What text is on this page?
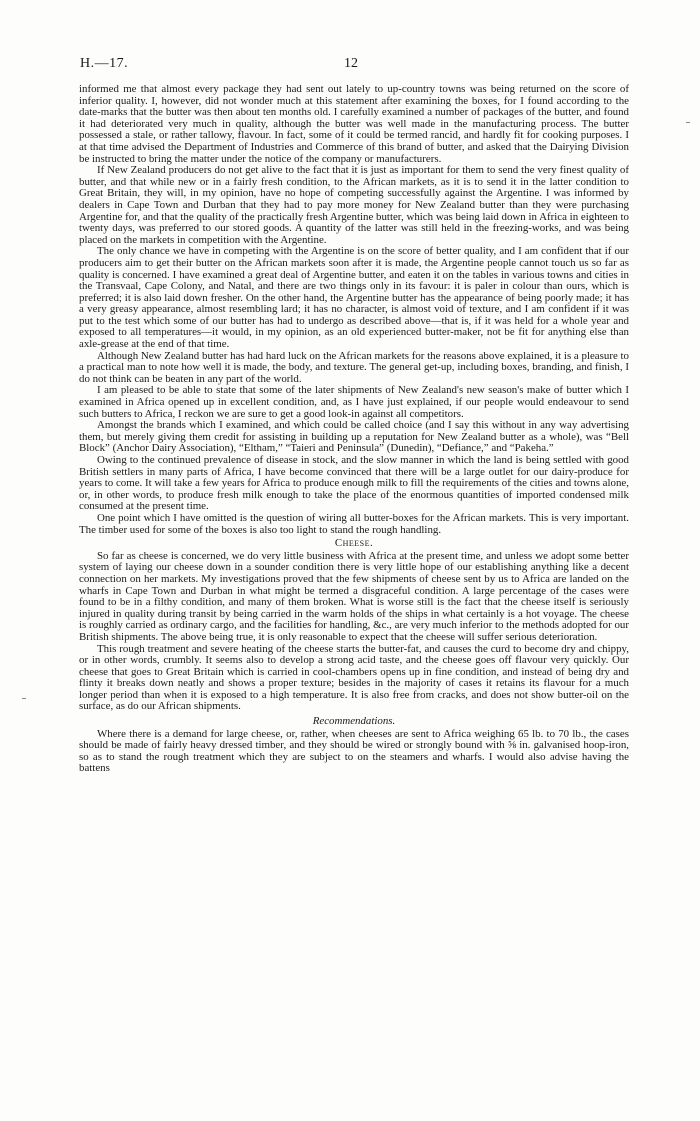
H.—17.	12

informed me that almost every package they had sent out lately to up-country towns was being returned on the score of inferior quality. I, however, did not wonder much at this statement after examining the boxes, for I found according to the date-marks that the butter was then about ten months old. I carefully examined a number of packages of the butter, and found it had deteriorated very much in quality, although the butter was well made in the manufacturing process. The butter possessed a stale, or rather tallowy, flavour. In fact, some of it could be termed rancid, and hardly fit for cooking purposes. I at that time advised the Department of Industries and Commerce of this brand of butter, and asked that the Dairying Division be instructed to bring the matter under the notice of the company or manufacturers.

If New Zealand producers do not get alive to the fact that it is just as important for them to send the very finest quality of butter, and that while new or in a fairly fresh condition, to the African markets, as it is to send it in the latter condition to Great Britain, they will, in my opinion, have no hope of competing successfully against the Argentine. I was informed by dealers in Cape Town and Durban that they had to pay more money for New Zealand butter than they were purchasing Argentine for, and that the quality of the practically fresh Argentine butter, which was being laid down in Africa in eighteen to twenty days, was preferred to our stored goods. A quantity of the latter was still held in the freezing-works, and was being placed on the markets in competition with the Argentine.

The only chance we have in competing with the Argentine is on the score of better quality, and I am confident that if our producers aim to get their butter on the African markets soon after it is made, the Argentine people cannot touch us so far as quality is concerned. I have examined a great deal of Argentine butter, and eaten it on the tables in various towns and cities in the Transvaal, Cape Colony, and Natal, and there are two things only in its favour: it is paler in colour than ours, which is preferred; it is also laid down fresher. On the other hand, the Argentine butter has the appearance of being poorly made; it has a very greasy appearance, almost resembling lard; it has no character, is almost void of texture, and I am confident if it was put to the test which some of our butter has had to undergo as described above—that is, if it was held for a whole year and exposed to all temperatures—it would, in my opinion, as an old experienced butter-maker, not be fit for anything else than axle-grease at the end of that time.

Although New Zealand butter has had hard luck on the African markets for the reasons above explained, it is a pleasure to a practical man to note how well it is made, the body, and texture. The general get-up, including boxes, branding, and finish, I do not think can be beaten in any part of the world.

I am pleased to be able to state that some of the later shipments of New Zealand's new season's make of butter which I examined in Africa opened up in excellent condition, and, as I have just explained, if our people would endeavour to send such butters to Africa, I reckon we are sure to get a good look-in against all competitors.

Amongst the brands which I examined, and which could be called choice (and I say this without in any way advertising them, but merely giving them credit for assisting in building up a reputation for New Zealand butter as a whole), was “Bell Block” (Anchor Dairy Association), “Eltham,” “Taieri and Peninsula” (Dunedin), “Defiance,” and “Pakeha.”

Owing to the continued prevalence of disease in stock, and the slow manner in which the land is being settled with good British settlers in many parts of Africa, I have become convinced that there will be a large outlet for our dairy-produce for years to come. It will take a few years for Africa to produce enough milk to fill the requirements of the cities and towns alone, or, in other words, to produce fresh milk enough to take the place of the enormous quantities of imported condensed milk consumed at the present time.

One point which I have omitted is the question of wiring all butter-boxes for the African markets. This is very important. The timber used for some of the boxes is also too light to stand the rough handling.

Cheese.

So far as cheese is concerned, we do very little business with Africa at the present time, and unless we adopt some better system of laying our cheese down in a sounder condition there is very little hope of our establishing anything like a decent connection on her markets. My investigations proved that the few shipments of cheese sent by us to Africa are landed on the wharfs in Cape Town and Durban in what might be termed a disgraceful condition. A large percentage of the cases were found to be in a filthy condition, and many of them broken. What is worse still is the fact that the cheese itself is seriously injured in quality during transit by being carried in the warm holds of the ships in what certainly is a hot voyage. The cheese is roughly carried as ordinary cargo, and the facilities for handling, &c., are very much inferior to the methods adopted for our British shipments. The above being true, it is only reasonable to expect that the cheese will suffer serious deterioration.

This rough treatment and severe heating of the cheese starts the butter-fat, and causes the curd to become dry and chippy, or in other words, crumbly. It seems also to develop a strong acid taste, and the cheese goes off flavour very quickly. Our cheese that goes to Great Britain which is carried in cool-chambers opens up in fine condition, and instead of being dry and flinty it breaks down neatly and shows a proper texture; besides in the majority of cases it retains its flavour for a much longer period than when it is exposed to a high temperature. It is also free from cracks, and does not show butter-oil on the surface, as do our African shipments.

Recommendations.

Where there is a demand for large cheese, or, rather, when cheeses are sent to Africa weighing 65 lb. to 70 lb., the cases should be made of fairly heavy dressed timber, and they should be wired or strongly bound with ⅝ in. galvanised hoop-iron, so as to stand the rough treatment which they are subject to on the steamers and wharfs. I would also advise having the battens
